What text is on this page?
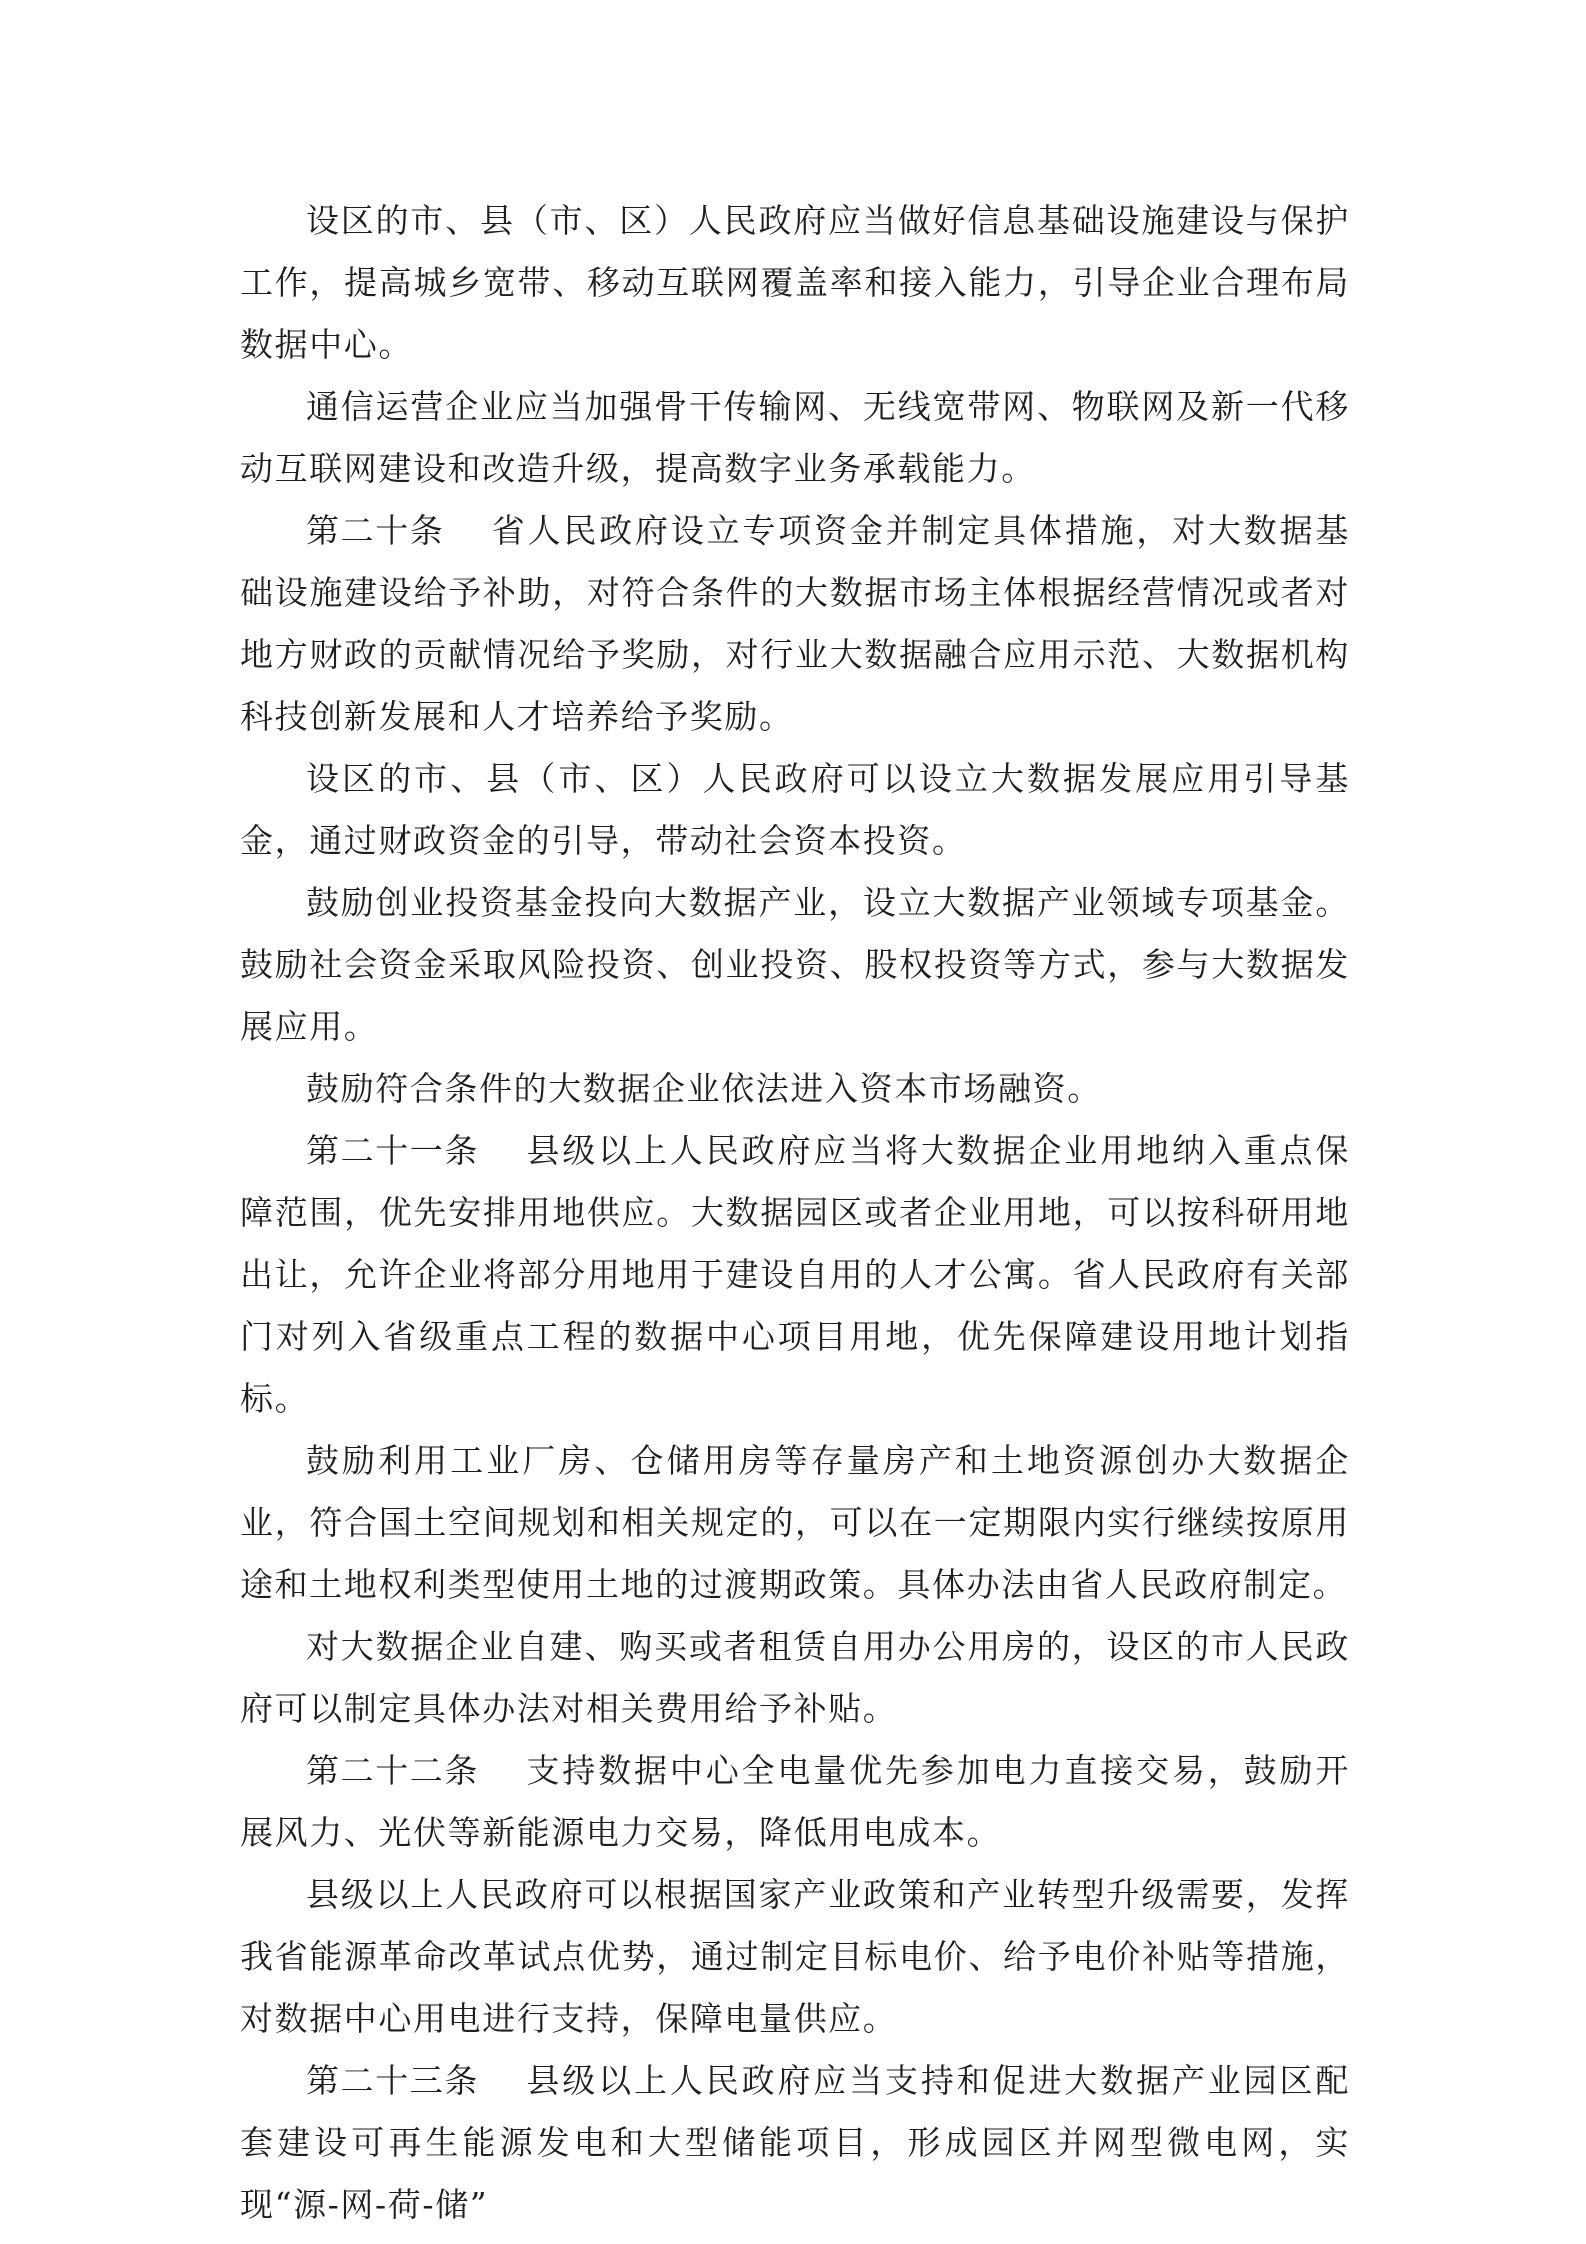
设区的市、县（市、区）人民政府应当做好信息基础设施建设与保护工作，提高城乡宽带、移动互联网覆盖率和接入能力，引导企业合理布局数据中心。

通信运营企业应当加强骨干传输网、无线宽带网、物联网及新一代移动互联网建设和改造升级，提高数字业务承载能力。

第二十条 省人民政府设立专项资金并制定具体措施，对大数据基础设施建设给予补助，对符合条件的大数据市场主体根据经营情况或者对地方财政的贡献情况给予奖励，对行业大数据融合应用示范、大数据机构科技创新发展和人才培养给予奖励。

设区的市、县（市、区）人民政府可以设立大数据发展应用引导基金，通过财政资金的引导，带动社会资本投资。

鼓励创业投资基金投向大数据产业，设立大数据产业领域专项基金。鼓励社会资金采取风险投资、创业投资、股权投资等方式，参与大数据发展应用。

鼓励符合条件的大数据企业依法进入资本市场融资。

第二十一条 县级以上人民政府应当将大数据企业用地纳入重点保障范围，优先安排用地供应。大数据园区或者企业用地，可以按科研用地出让，允许企业将部分用地用于建设自用的人才公寓。省人民政府有关部门对列入省级重点工程的数据中心项目用地，优先保障建设用地计划指标。

鼓励利用工业厂房、仓储用房等存量房产和土地资源创办大数据企业，符合国土空间规划和相关规定的，可以在一定期限内实行继续按原用途和土地权利类型使用土地的过渡期政策。具体办法由省人民政府制定。

对大数据企业自建、购买或者租赁自用办公用房的，设区的市人民政府可以制定具体办法对相关费用给予补贴。

第二十二条 支持数据中心全电量优先参加电力直接交易，鼓励开展风力、光伏等新能源电力交易，降低用电成本。

县级以上人民政府可以根据国家产业政策和产业转型升级需要，发挥我省能源革命改革试点优势，通过制定目标电价、给予电价补贴等措施，对数据中心用电进行支持，保障电量供应。

第二十三条 县级以上人民政府应当支持和促进大数据产业园区配套建设可再生能源发电和大型储能项目，形成园区并网型微电网，实现“源-网-荷-储”
